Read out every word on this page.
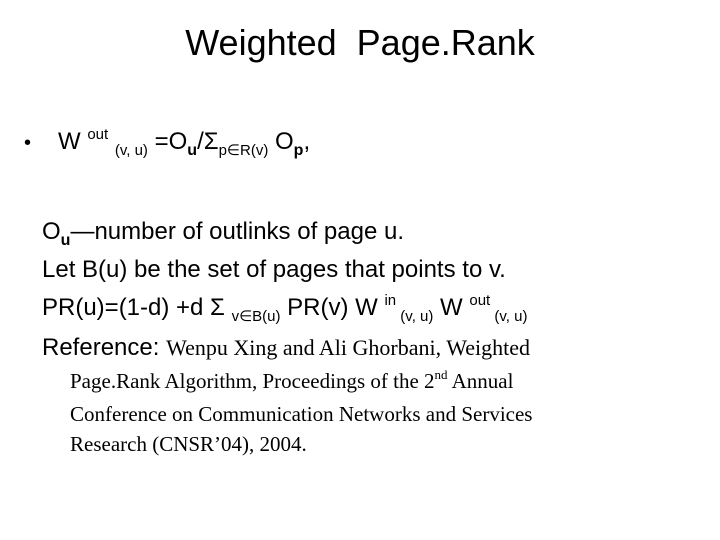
Weighted  Page.Rank
• W $^{out}$ $_{(v, u)} =O_u/\Sigma_{p\in R(v)}$ $O_p$,
$O_u—number$ of outlinks of page u.
Let B(u) be the set of pages that points to v.
PR(u)=(1-d) +d Σ $_{v\in B(u)}$ PR(v) W $^{in}$ $_{(v, u)}$ W $^{out}$ $_{(v, u)}$
Reference: Wenpu Xing and Ali Ghorbani, Weighted
Page.Rank Algorithm, Proceedings of the 2nd Annual
Conference on Communication Networks and Services
Research (CNSR’04), 2004.
